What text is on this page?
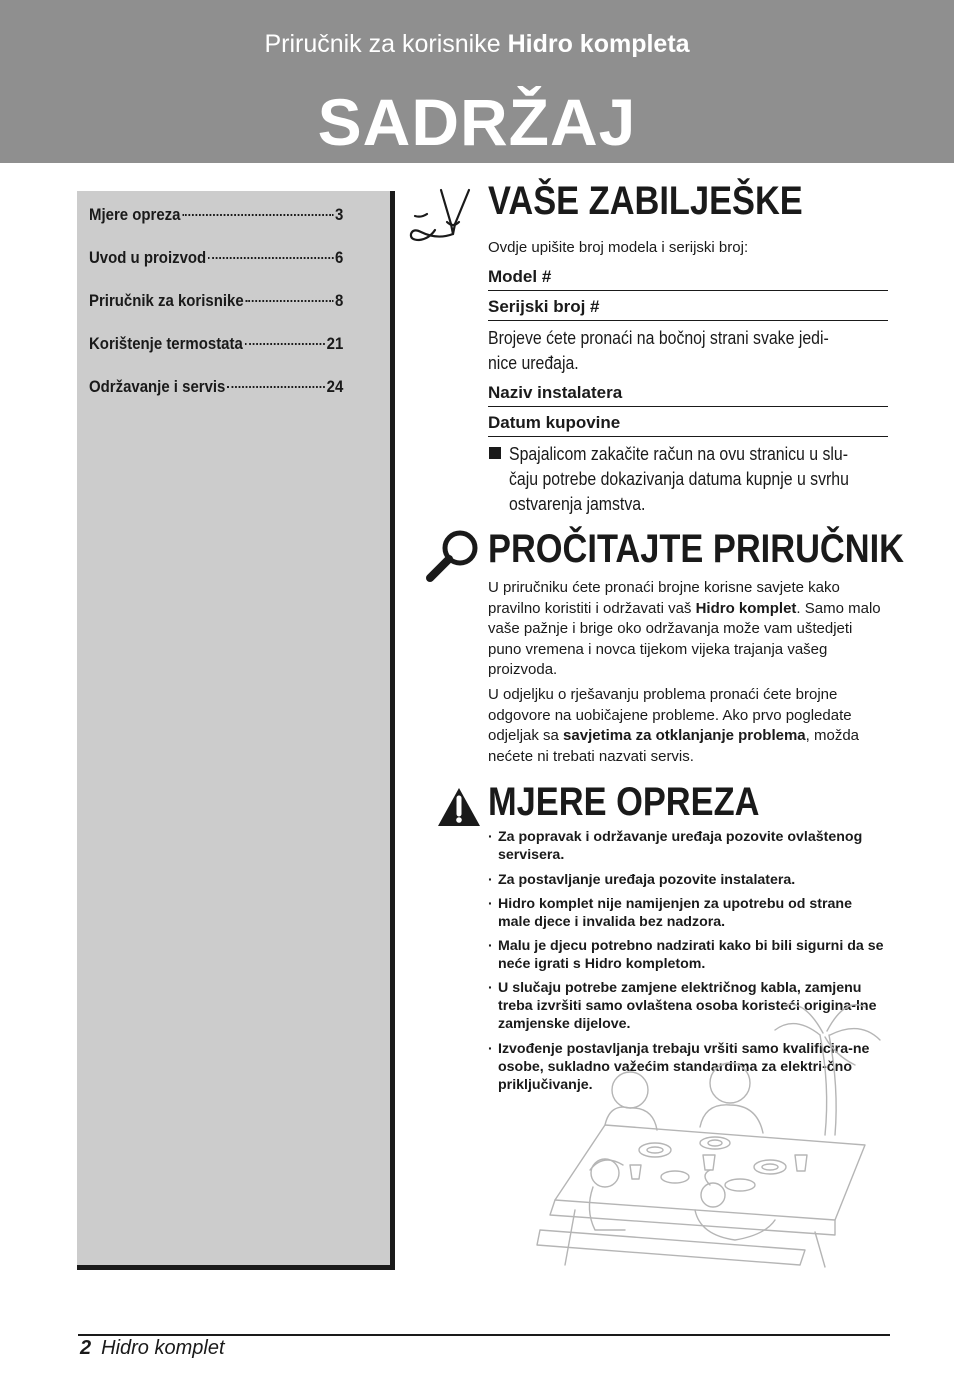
Priručnik za korisnike Hidro kompleta
SADRŽAJ
Mjere opreza	3
Uvod u proizvod	6
Priručnik za korisnike	8
Korištenje termostata	21
Održavanje i servis	24
VAŠE ZABILJEŠKE
Ovdje upišite broj modela i serijski broj:
Model #
Serijski broj #
Brojeve ćete pronaći na bočnoj strani svake jedi-
nice uređaja.
Naziv instalatera
Datum kupovine
Spajalicom zakačite račun na ovu stranicu u slu-
čaju potrebe dokazivanja datuma kupnje u svrhu
ostvarenja jamstva.
PROČITAJTE PRIRUČNIK
U priručniku ćete pronaći brojne korisne savjete kako pravilno koristiti i održavati vaš Hidro komplet. Samo malo vaše pažnje i brige oko održavanja može vam uštedjeti puno vremena i novca tijekom vijeka trajanja vašeg proizvoda.
U odjeljku o rješavanju problema pronaći ćete brojne odgovore na uobičajene probleme. Ako prvo pogledate odjeljak sa savjetima za otklanjanje problema, možda nećete ni trebati nazvati servis.
MJERE OPREZA
· Za popravak i održavanje uređaja pozovite ovlaštenog servisera.
· Za postavljanje uređaja pozovite instalatera.
· Hidro komplet nije namijenjen za upotrebu od strane male djece i invalida bez nadzora.
· Malu je djecu potrebno nadzirati kako bi bili sigurni da se neće igrati s Hidro kompletom.
· U slučaju potrebe zamjene električnog kabla, zamjenu treba izvršiti samo ovlaštena osoba koristeći origina-lne zamjenske dijelove.
· Izvođenje postavljanja trebaju vršiti samo kvalificira-ne osobe, sukladno važećim standardima za elektri-čno priključivanje.
2 Hidro komplet
